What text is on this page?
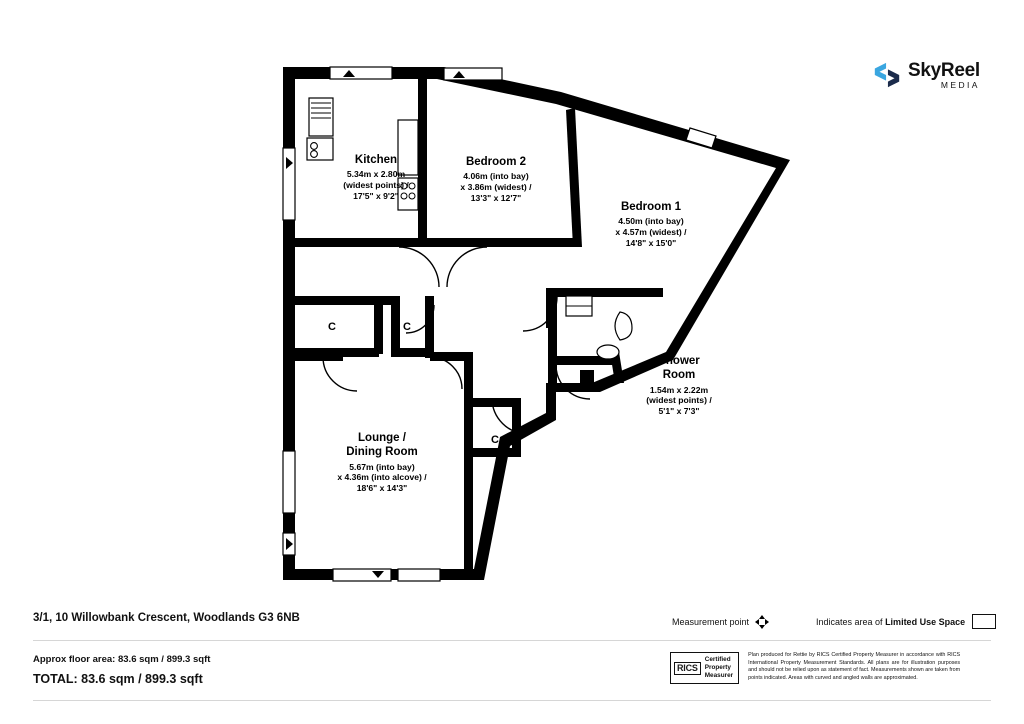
SkyReel
MEDIA
Kitchen
5.34m x 2.80m
(widest points) /
17'5" x 9'2"
Bedroom 2
4.06m (into bay)
x 3.86m (widest) /
13'3" x 12'7"
Bedroom 1
4.50m (into bay)
x 4.57m (widest) /
14'8" x 15'0"
Shower
Room
1.54m x 2.22m
(widest points) /
5'1" x 7'3"
Lounge /
Dining Room
5.67m (into bay)
x 4.36m (into alcove) /
18'6" x 14'3"
C	C
C
3/1, 10 Willowbank Crescent, Woodlands G3 6NB	Measurement point	Indicates area of Limited Use Space
Approx floor area: 83.6 sqm / 899.3 sqft
TOTAL: 83.6 sqm / 899.3 sqft
RICS
Certified
Property
Measurer
Plan produced for Rettie by RICS Certified Property Measurer in accordance with RICS International Property Measurement Standards. All plans are for illustration purposes and should not be relied upon as statement of fact. Measurements shown are taken from points indicated. Areas with curved and angled walls are approximated.
